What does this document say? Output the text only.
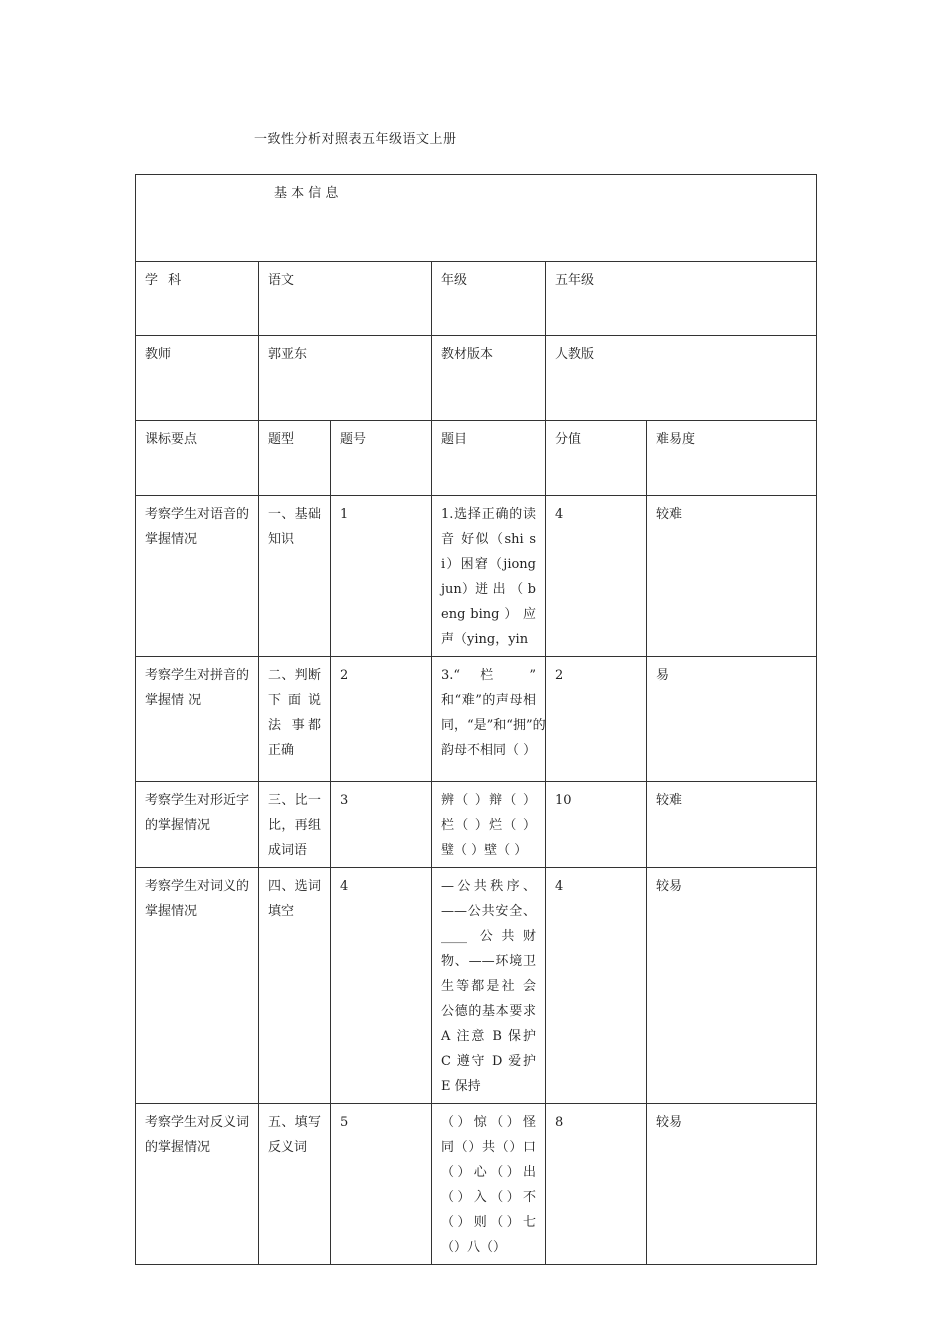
一致性分析对照表五年级语文上册
基 本 信 息					
学 科	语文		年级	五年级	
教师	郭亚东		教材版本	人教版	
课标要点	题型	题号	题目	分值	难易度
考察学生对语音的掌握情况	一、基础知识	1	1.选择正确的读音 好似（shi si）困窘（jiong jun）迸 出 （ beng bing ） 应 声（ying，yin	4	较难
考察学生对拼音的掌握情 况	二、判断下 面 说 法 事都 正确	2	3.“ 栏 ” 和“难”的声母相同，“是”和“拥”的韵母不相同（ ）	2	易
考察学生对形近字的掌握情况	三、比一比，再组成词语	3	辨（ ）辩（ ）栏（ ）烂（ ）璧（ ）壁（ ）	10	较难
考察学生对词义的掌握情况	四、选词填空	4	—公共秩序、——公共安全、____ 公共财物、——环境卫生等都是社 会公德的基本要求 A 注意 B 保护 C 遵守 D 爱护 E 保持	4	较易
考察学生对反义词的掌握情况	五、填写反义词	5	（）惊（）怪 同（）共（）口（）心（）出（）入（）不（）则（）七（）八（）	8	较易
